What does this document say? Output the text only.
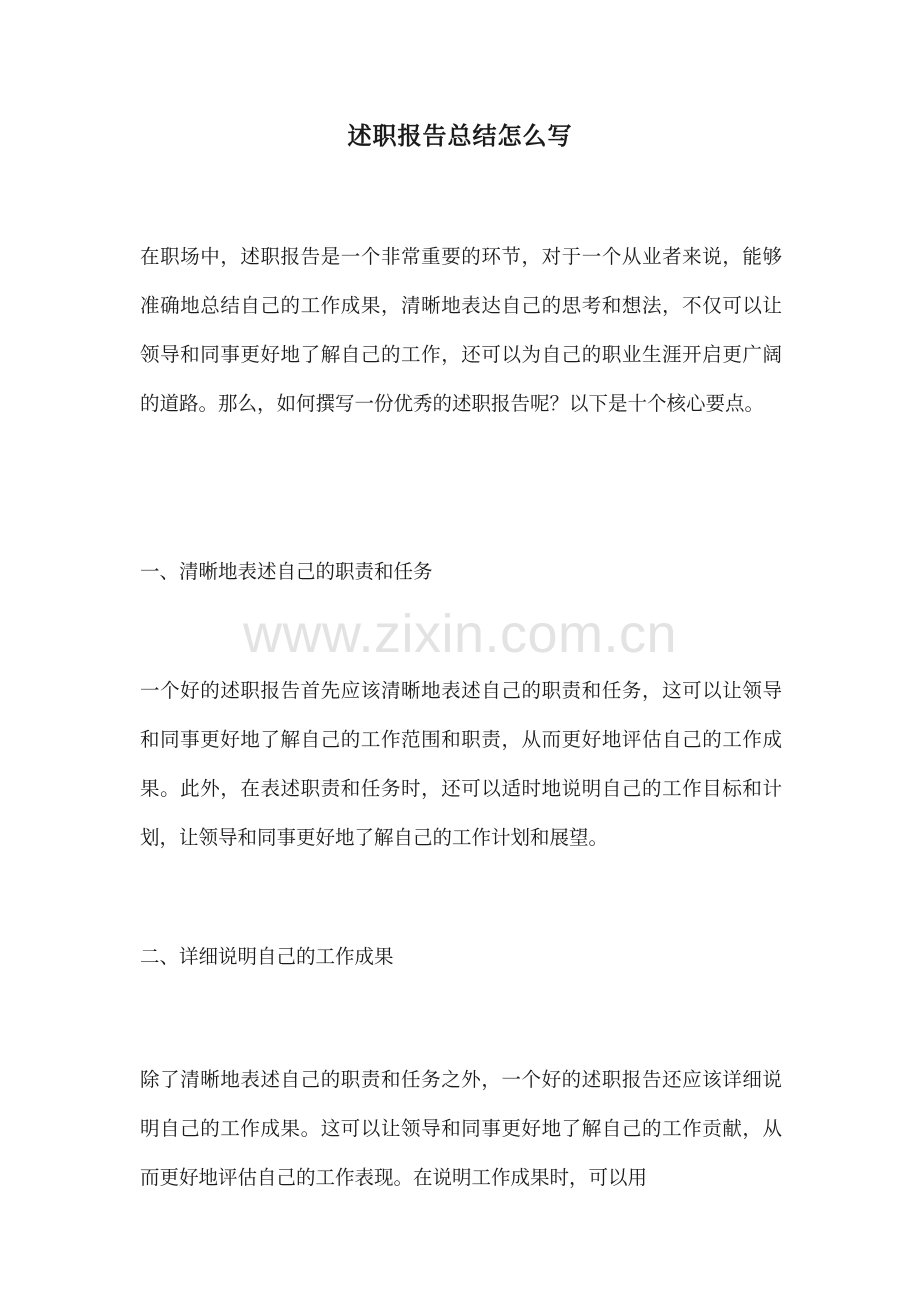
述职报告总结怎么写

在职场中，述职报告是一个非常重要的环节，对于一个从业者来说，能够准确地总结自己的工作成果，清晰地表达自己的思考和想法，不仅可以让领导和同事更好地了解自己的工作，还可以为自己的职业生涯开启更广阔的道路。那么，如何撰写一份优秀的述职报告呢？以下是十个核心要点。

一、清晰地表述自己的职责和任务

一个好的述职报告首先应该清晰地表述自己的职责和任务，这可以让领导和同事更好地了解自己的工作范围和职责，从而更好地评估自己的工作成果。此外，在表述职责和任务时，还可以适时地说明自己的工作目标和计划，让领导和同事更好地了解自己的工作计划和展望。

二、详细说明自己的工作成果

除了清晰地表述自己的职责和任务之外，一个好的述职报告还应该详细说明自己的工作成果。这可以让领导和同事更好地了解自己的工作贡献，从而更好地评估自己的工作表现。在说明工作成果时，可以用

www.zixin.com.cn
